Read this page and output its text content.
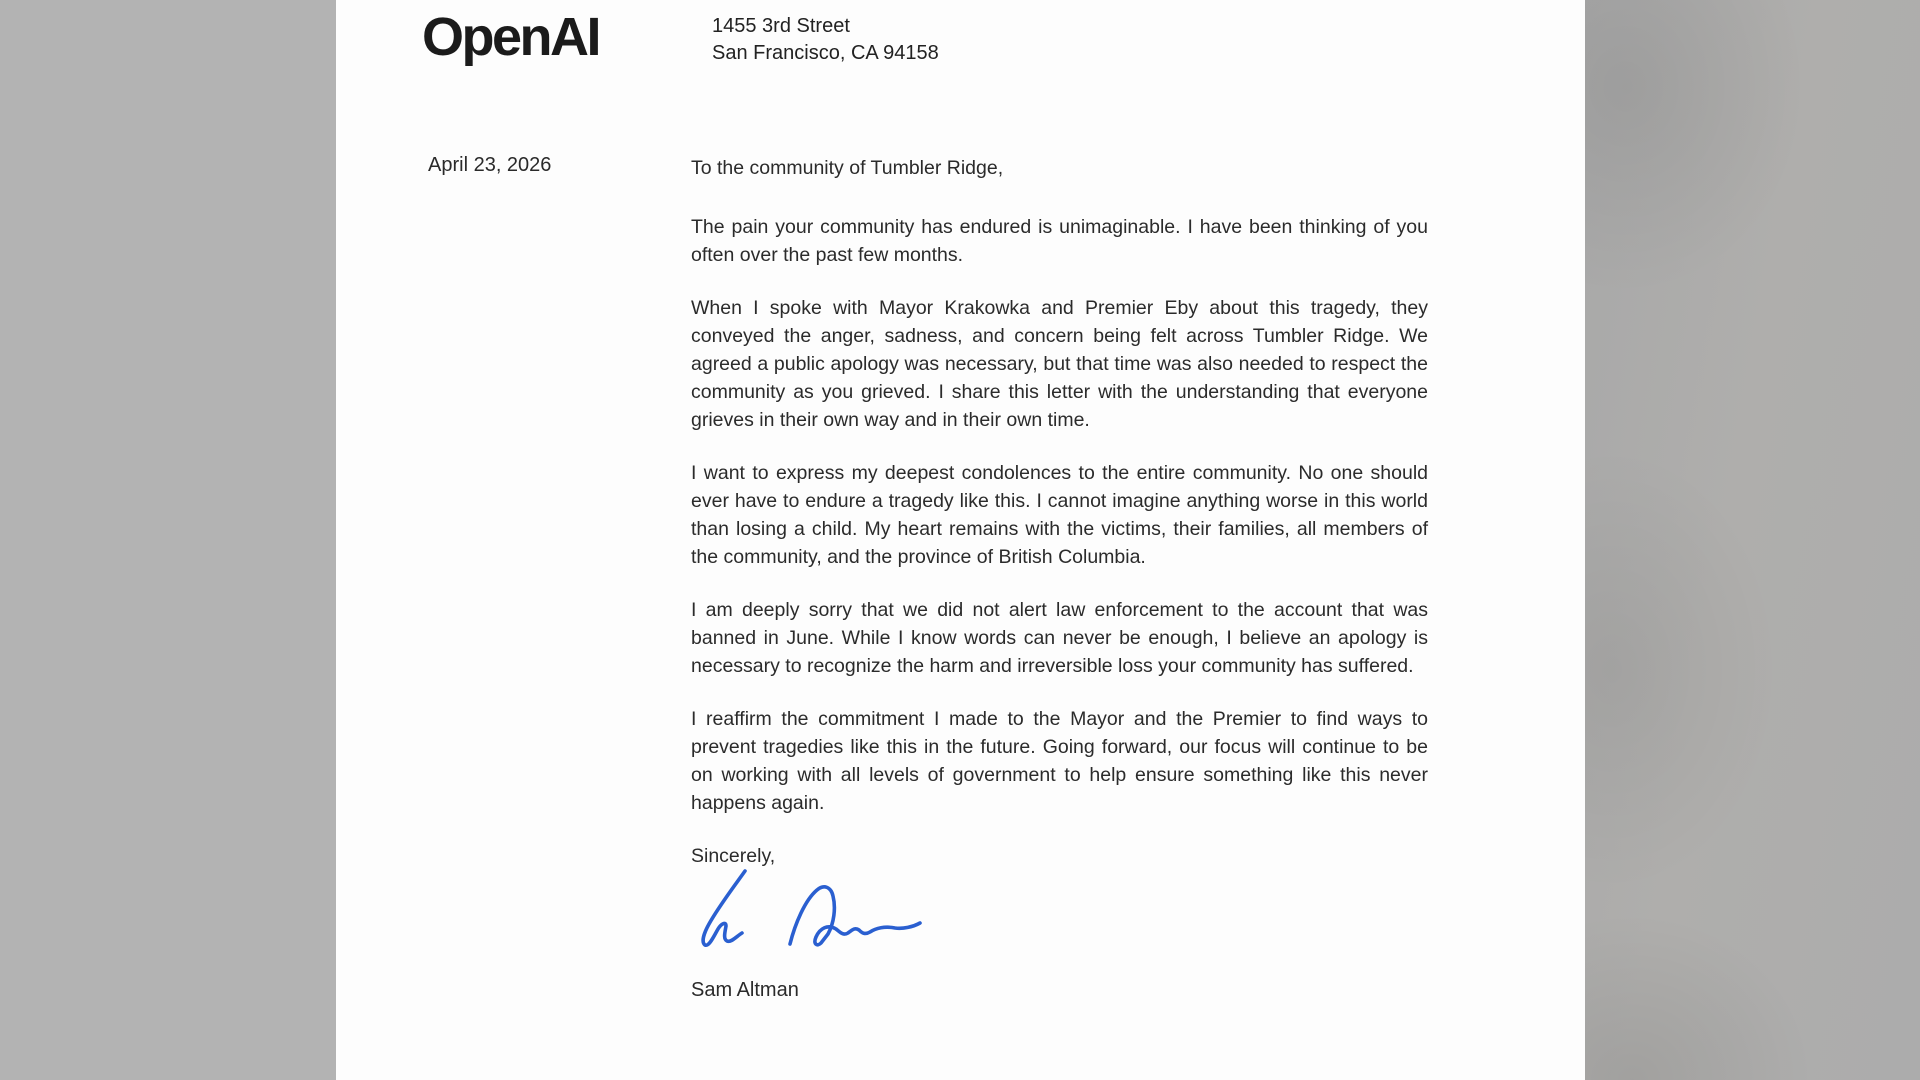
OpenAI	1455 3rd Street
San Francisco, CA 94158
April 23, 2026	To the community of Tumbler Ridge,

The pain your community has endured is unimaginable. I have been thinking of you often over the past few months.

When I spoke with Mayor Krakowka and Premier Eby about this tragedy, they conveyed the anger, sadness, and concern being felt across Tumbler Ridge. We agreed a public apology was necessary, but that time was also needed to respect the community as you grieved. I share this letter with the understanding that everyone grieves in their own way and in their own time.

I want to express my deepest condolences to the entire community. No one should ever have to endure a tragedy like this. I cannot imagine anything worse in this world than losing a child. My heart remains with the victims, their families, all members of the community, and the province of British Columbia.

I am deeply sorry that we did not alert law enforcement to the account that was banned in June. While I know words can never be enough, I believe an apology is necessary to recognize the harm and irreversible loss your community has suffered.

I reaffirm the commitment I made to the Mayor and the Premier to find ways to prevent tragedies like this in the future. Going forward, our focus will continue to be on working with all levels of government to help ensure something like this never happens again.

Sincerely,
Sam Altman
